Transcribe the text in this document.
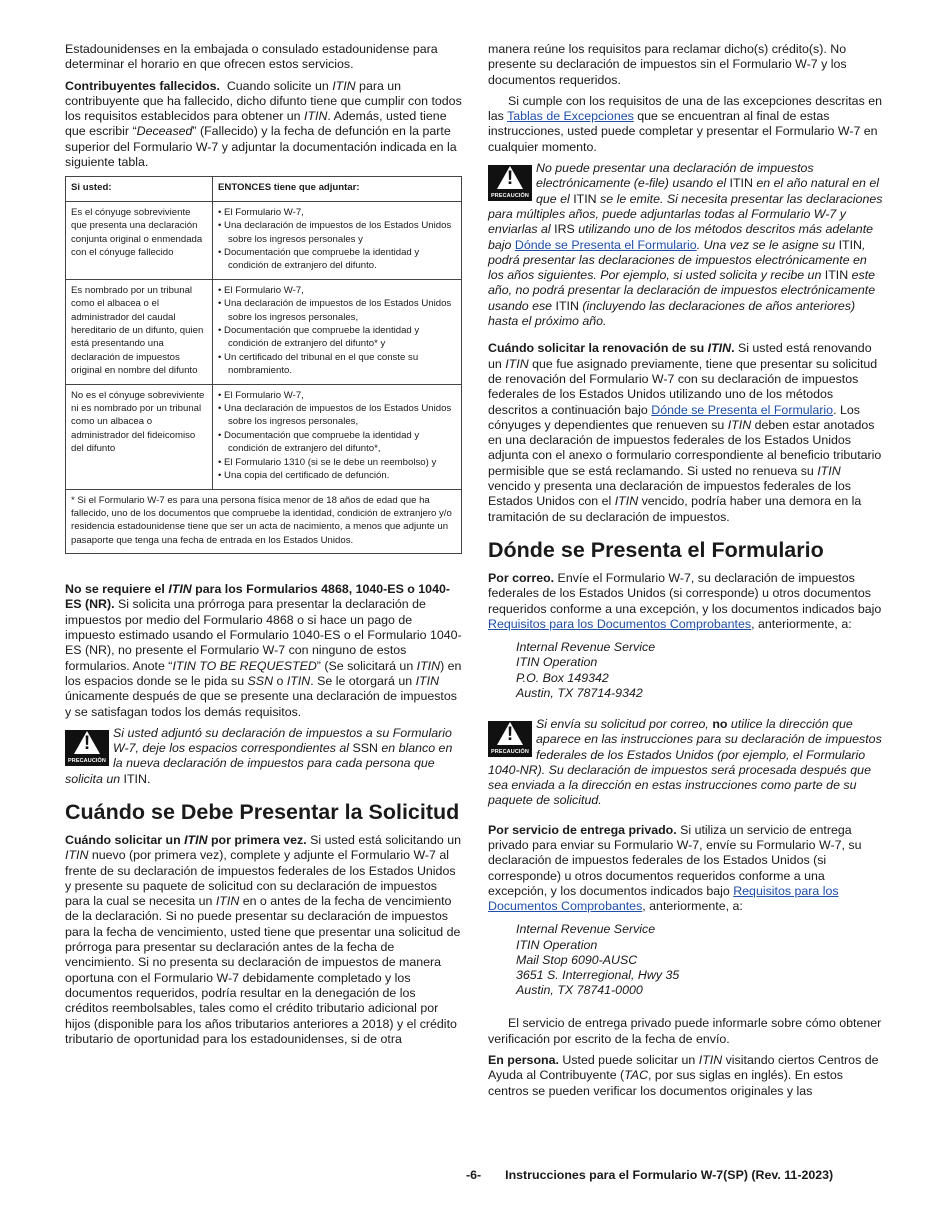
Estadounidenses en la embajada o consulado estadounidense para determinar el horario en que ofrecen estos servicios.

Contribuyentes fallecidos. Cuando solicite un ITIN para un contribuyente que ha fallecido, dicho difunto tiene que cumplir con todos los requisitos establecidos para obtener un ITIN. Además, usted tiene que escribir “Deceased” (Fallecido) y la fecha de defunción en la parte superior del Formulario W-7 y adjuntar la documentación indicada en la siguiente tabla.

Si usted:	ENTONCES tiene que adjuntar:
Es el cónyuge sobreviviente que presenta una declaración conjunta original o enmendada con el cónyuge fallecido	• El Formulario W-7,
• Una declaración de impuestos de los Estados Unidos sobre los ingresos personales y
• Documentación que compruebe la identidad y condición de extranjero del difunto.

Es nombrado por un tribunal como el albacea o el administrador del caudal hereditario de un difunto, quien está presentando una declaración de impuestos original en nombre del difunto	• El Formulario W-7,
• Una declaración de impuestos de los Estados Unidos sobre los ingresos personales,
• Documentación que compruebe la identidad y condición de extranjero del difunto* y
• Un certificado del tribunal en el que conste su nombramiento.

No es el cónyuge sobreviviente ni es nombrado por un tribunal como un albacea o administrador del fideicomiso del difunto	• El Formulario W-7,
• Una declaración de impuestos de los Estados Unidos sobre los ingresos personales,
• Documentación que compruebe la identidad y condición de extranjero del difunto*,
• El Formulario 1310 (si se le debe un reembolso) y
• Una copia del certificado de defunción.

* Si el Formulario W-7 es para una persona física menor de 18 años de edad que ha fallecido, uno de los documentos que compruebe la identidad, condición de extranjero y/o residencia estadounidense tiene que ser un acta de nacimiento, a menos que adjunte un pasaporte que tenga una fecha de entrada en los Estados Unidos.	

No se requiere el ITIN para los Formularios 4868, 1040-ES o 1040-ES (NR). Si solicita una prórroga para presentar la declaración de impuestos por medio del Formulario 4868 o si hace un pago de impuesto estimado usando el Formulario 1040-ES o el Formulario 1040-ES (NR), no presente el Formulario W-7 con ninguno de estos formularios. Anote “ITIN TO BE REQUESTED” (Se solicitará un ITIN) en los espacios donde se le pida su SSN o ITIN. Se le otorgará un ITIN únicamente después de que se presente una declaración de impuestos y se satisfagan todos los demás requisitos.

!
PRECAUCIÓN
Si usted adjuntó su declaración de impuestos a su Formulario W-7, deje los espacios correspondientes al SSN en blanco en la nueva declaración de impuestos para cada persona que solicita un ITIN.
Cuándo se Debe Presentar la Solicitud

Cuándo solicitar un ITIN por primera vez. Si usted está solicitando un ITIN nuevo (por primera vez), complete y adjunte el Formulario W-7 al frente de su declaración de impuestos federales de los Estados Unidos y presente su paquete de solicitud con su declaración de impuestos para la cual se necesita un ITIN en o antes de la fecha de vencimiento de la declaración. Si no puede presentar su declaración de impuestos para la fecha de vencimiento, usted tiene que presentar una solicitud de prórroga para presentar su declaración antes de la fecha de vencimiento. Si no presenta su declaración de impuestos de manera oportuna con el Formulario W-7 debidamente completado y los documentos requeridos, podría resultar en la denegación de los créditos reembolsables, tales como el crédito tributario adicional por hijos (disponible para los años tributarios anteriores a 2018) y el crédito tributario de oportunidad para los estadounidenses, si de otra

manera reúne los requisitos para reclamar dicho(s) crédito(s). No presente su declaración de impuestos sin el Formulario W-7 y los documentos requeridos.

Si cumple con los requisitos de una de las excepciones descritas en las Tablas de Excepciones que se encuentran al final de estas instrucciones, usted puede completar y presentar el Formulario W-7 en cualquier momento.

!
PRECAUCIÓN
No puede presentar una declaración de impuestos electrónicamente (e-file) usando el ITIN en el año natural en el que el ITIN se le emite. Si necesita presentar las declaraciones para múltiples años, puede adjuntarlas todas al Formulario W-7 y enviarlas al IRS utilizando uno de los métodos descritos más adelante bajo Dónde se Presenta el Formulario. Una vez se le asigne su ITIN, podrá presentar las declaraciones de impuestos electrónicamente en los años siguientes. Por ejemplo, si usted solicita y recibe un ITIN este año, no podrá presentar la declaración de impuestos electrónicamente usando ese ITIN (incluyendo las declaraciones de años anteriores) hasta el próximo año.

Cuándo solicitar la renovación de su ITIN. Si usted está renovando un ITIN que fue asignado previamente, tiene que presentar su solicitud de renovación del Formulario W-7 con su declaración de impuestos federales de los Estados Unidos utilizando uno de los métodos descritos a continuación bajo Dónde se Presenta el Formulario. Los cónyuges y dependientes que renueven su ITIN deben estar anotados en una declaración de impuestos federales de los Estados Unidos adjunta con el anexo o formulario correspondiente al beneficio tributario permisible que se está reclamando. Si usted no renueva su ITIN vencido y presenta una declaración de impuestos federales de los Estados Unidos con el ITIN vencido, podría haber una demora en la tramitación de su declaración de impuestos.

Dónde se Presenta el Formulario

Por correo. Envíe el Formulario W-7, su declaración de impuestos federales de los Estados Unidos (si corresponde) u otros documentos requeridos conforme a una excepción, y los documentos indicados bajo Requisitos para los Documentos Comprobantes, anteriormente, a:

Internal Revenue Service
ITIN Operation
P.O. Box 149342
Austin, TX 78714-9342
!
PRECAUCIÓN
Si envía su solicitud por correo, no utilice la dirección que aparece en las instrucciones para su declaración de impuestos federales de los Estados Unidos (por ejemplo, el Formulario 1040-NR). Su declaración de impuestos será procesada después que sea enviada a la dirección en estas instrucciones como parte de su paquete de solicitud.

Por servicio de entrega privado. Si utiliza un servicio de entrega privado para enviar su Formulario W-7, envíe su Formulario W-7, su declaración de impuestos federales de los Estados Unidos (si corresponde) u otros documentos requeridos conforme a una excepción, y los documentos indicados bajo Requisitos para los Documentos Comprobantes, anteriormente, a:

Internal Revenue Service
ITIN Operation
Mail Stop 6090-AUSC
3651 S. Interregional, Hwy 35
Austin, TX 78741-0000

El servicio de entrega privado puede informarle sobre cómo obtener verificación por escrito de la fecha de envío.

En persona. Usted puede solicitar un ITIN visitando ciertos Centros de Ayuda al Contribuyente (TAC, por sus siglas en inglés). En estos centros se pueden verificar los documentos originales y las

-6- Instrucciones para el Formulario W-7(SP) (Rev. 11-2023)
